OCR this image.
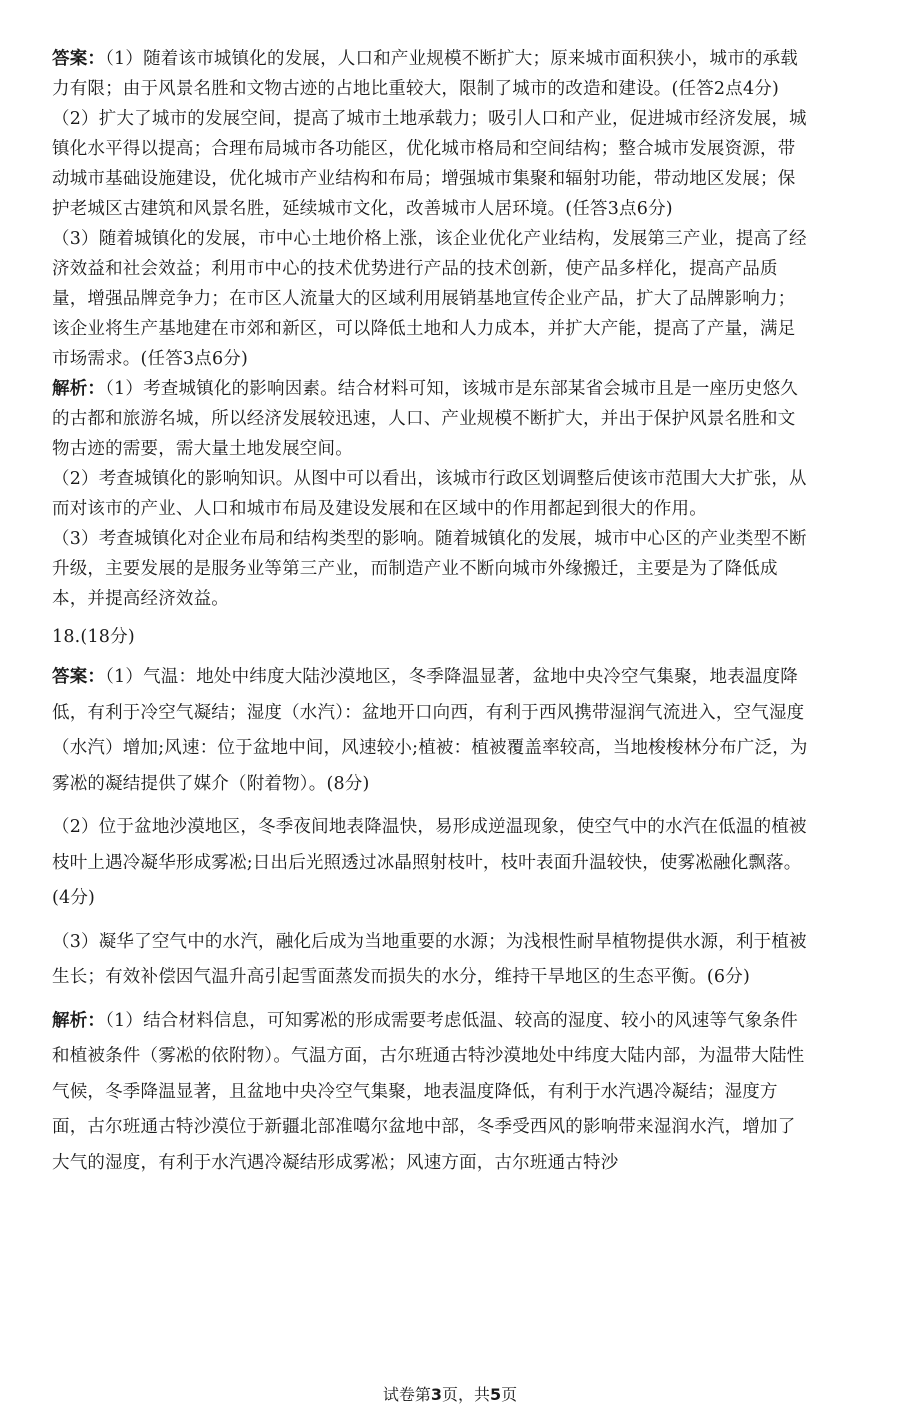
答案：（1）随着该市城镇化的发展，人口和产业规模不断扩大；原来城市面积狭小，城市的承载力有限；由于风景名胜和文物古迹的占地比重较大，限制了城市的改造和建设。(任答2点4分)

（2）扩大了城市的发展空间，提高了城市土地承载力；吸引人口和产业，促进城市经济发展，城镇化水平得以提高；合理布局城市各功能区，优化城市格局和空间结构；整合城市发展资源，带动城市基础设施建设，优化城市产业结构和布局；增强城市集聚和辐射功能，带动地区发展；保护老城区古建筑和风景名胜，延续城市文化，改善城市人居环境。(任答3点6分)

（3）随着城镇化的发展，市中心土地价格上涨，该企业优化产业结构，发展第三产业，提高了经济效益和社会效益；利用市中心的技术优势进行产品的技术创新，使产品多样化，提高产品质量，增强品牌竞争力；在市区人流量大的区域利用展销基地宣传企业产品，扩大了品牌影响力；该企业将生产基地建在市郊和新区，可以降低土地和人力成本，并扩大产能，提高了产量，满足市场需求。(任答3点6分)

解析：（1）考查城镇化的影响因素。结合材料可知，该城市是东部某省会城市且是一座历史悠久的古都和旅游名城，所以经济发展较迅速，人口、产业规模不断扩大，并出于保护风景名胜和文物古迹的需要，需大量土地发展空间。

（2）考查城镇化的影响知识。从图中可以看出，该城市行政区划调整后使该市范围大大扩张，从而对该市的产业、人口和城市布局及建设发展和在区域中的作用都起到很大的作用。

（3）考查城镇化对企业布局和结构类型的影响。随着城镇化的发展，城市中心区的产业类型不断升级，主要发展的是服务业等第三产业，而制造产业不断向城市外缘搬迁，主要是为了降低成本，并提高经济效益。

18.(18分)

答案：（1）气温：地处中纬度大陆沙漠地区，冬季降温显著，盆地中央冷空气集聚，地表温度降低，有利于冷空气凝结；湿度（水汽）：盆地开口向西，有利于西风携带湿润气流进入，空气湿度（水汽）增加;风速：位于盆地中间，风速较小;植被：植被覆盖率较高，当地梭梭林分布广泛，为雾凇的凝结提供了媒介（附着物）。(8分)

（2）位于盆地沙漠地区，冬季夜间地表降温快，易形成逆温现象，使空气中的水汽在低温的植被枝叶上遇冷凝华形成雾凇;日出后光照透过冰晶照射枝叶，枝叶表面升温较快，使雾凇融化飘落。(4分)

（3）凝华了空气中的水汽，融化后成为当地重要的水源；为浅根性耐旱植物提供水源，利于植被生长；有效补偿因气温升高引起雪面蒸发而损失的水分，维持干旱地区的生态平衡。(6分)

解析：（1）结合材料信息，可知雾凇的形成需要考虑低温、较高的湿度、较小的风速等气象条件和植被条件（雾凇的依附物）。气温方面，古尔班通古特沙漠地处中纬度大陆内部，为温带大陆性气候，冬季降温显著，且盆地中央冷空气集聚，地表温度降低，有利于水汽遇冷凝结；湿度方面，古尔班通古特沙漠位于新疆北部准噶尔盆地中部，冬季受西风的影响带来湿润水汽，增加了大气的湿度，有利于水汽遇冷凝结形成雾凇；风速方面，古尔班通古特沙

试卷第3页，共5页
